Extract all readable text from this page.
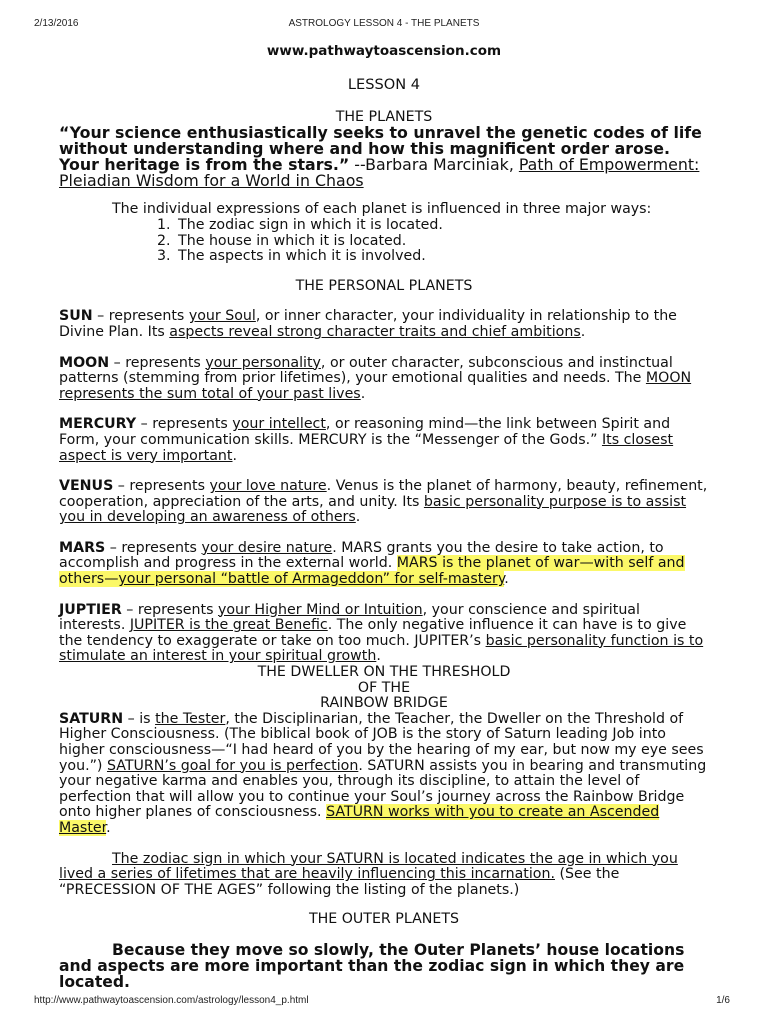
2/13/2016	ASTROLOGY LESSON 4 - THE PLANETS
www.pathwaytoascension.com
LESSON 4
THE PLANETS

“Your science enthusiastically seeks to unravel the genetic codes of life without understanding where and how this magnificent order arose. Your heritage is from the stars.” --Barbara Marciniak, Path of Empowerment: Pleiadian Wisdom for a World in Chaos

The individual expressions of each planet is influenced in three major ways:

1. The zodiac sign in which it is located.
2. The house in which it is located.
3. The aspects in which it is involved.
THE PERSONAL PLANETS

SUN – represents your Soul, or inner character, your individuality in relationship to the Divine Plan. Its aspects reveal strong character traits and chief ambitions.

MOON – represents your personality, or outer character, subconscious and instinctual patterns (stemming from prior lifetimes), your emotional qualities and needs. The MOON represents the sum total of your past lives.

MERCURY – represents your intellect, or reasoning mind—the link between Spirit and Form, your communication skills. MERCURY is the “Messenger of the Gods.” Its closest aspect is very important.

VENUS – represents your love nature. Venus is the planet of harmony, beauty, refinement, cooperation, appreciation of the arts, and unity. Its basic personality purpose is to assist you in developing an awareness of others.

MARS – represents your desire nature. MARS grants you the desire to take action, to accomplish and progress in the external world. MARS is the planet of war—with self and others—your personal “battle of Armageddon” for self-mastery.

JUPTIER – represents your Higher Mind or Intuition, your conscience and spiritual interests. JUPITER is the great Benefic. The only negative influence it can have is to give the tendency to exaggerate or take on too much. JUPITER’s basic personality function is to stimulate an interest in your spiritual growth.

THE DWELLER ON THE THRESHOLD
OF THE
RAINBOW BRIDGE

SATURN – is the Tester, the Disciplinarian, the Teacher, the Dweller on the Threshold of Higher Consciousness. (The biblical book of JOB is the story of Saturn leading Job into higher consciousness—“I had heard of you by the hearing of my ear, but now my eye sees you.”) SATURN’s goal for you is perfection. SATURN assists you in bearing and transmuting your negative karma and enables you, through its discipline, to attain the level of perfection that will allow you to continue your Soul’s journey across the Rainbow Bridge onto higher planes of consciousness. SATURN works with you to create an Ascended Master.

The zodiac sign in which your SATURN is located indicates the age in which you lived a series of lifetimes that are heavily influencing this incarnation. (See the “PRECESSION OF THE AGES” following the listing of the planets.)

THE OUTER PLANETS

Because they move so slowly, the Outer Planets’ house locations and aspects are more important than the zodiac sign in which they are located.

http://www.pathwaytoascension.com/astrology/lesson4_p.html	1/6
